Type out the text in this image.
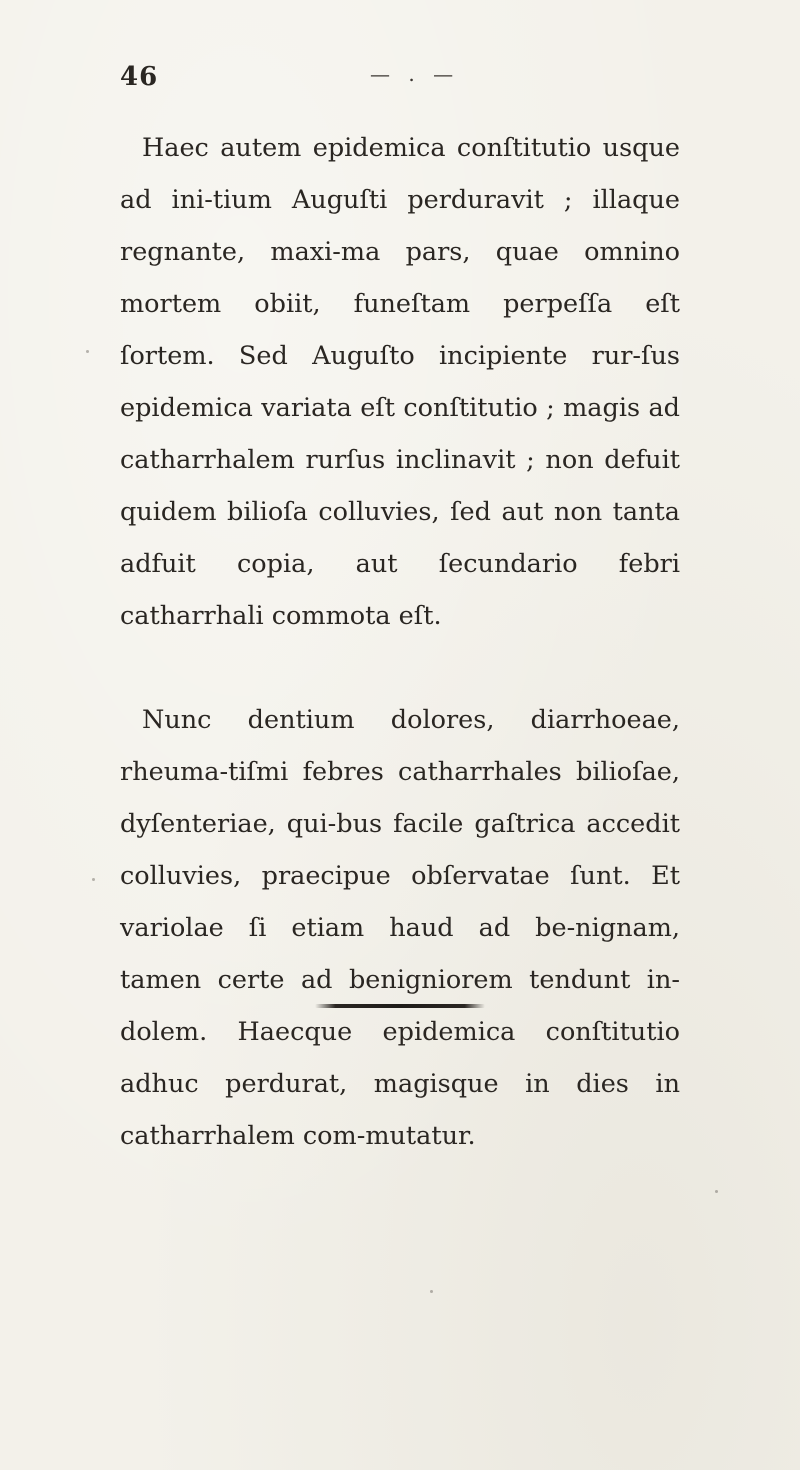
46	— . —

Haec autem epidemica conſtitutio usque ad ini-tium Auguſti perduravit ; illaque regnante, maxi-ma pars, quae omnino mortem obiit, funeſtam perpeſſa eſt ſortem. Sed Auguſto incipiente rur-ſus epidemica variata eſt conſtitutio ; magis ad catharrhalem rurſus inclinavit ; non defuit quidem bilioſa colluvies, ſed aut non tanta adfuit copia, aut ſecundario febri catharrhali commota eſt.

Nunc dentium dolores, diarrhoeae, rheuma-tiſmi febres catharrhales bilioſae, dyſenteriae, qui-bus facile gaſtrica accedit colluvies, praecipue obſervatae ſunt. Et variolae ſi etiam haud ad be-nignam, tamen certe ad benigniorem tendunt in-dolem. Haecque epidemica conſtitutio adhuc perdurat, magisque in dies in catharrhalem com-mutatur.
